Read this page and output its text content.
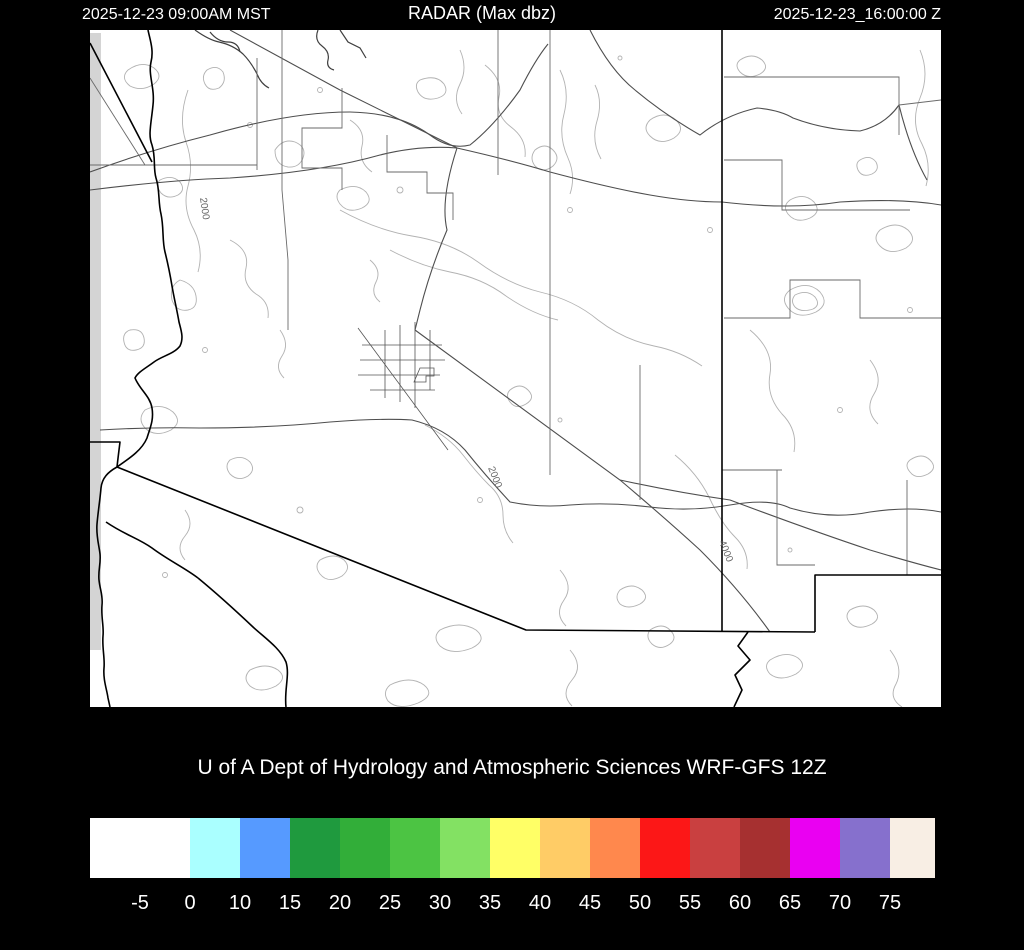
2025-12-23 09:00AM MST	RADAR (Max dbz)	2025-12-23_16:00:00 Z
2000
2000
4000
U of A Dept of Hydrology and Atmospheric Sciences WRF-GFS 12Z
-5 0 10 15 20 25 30 35 40 45 50 55 60 65 70 75
